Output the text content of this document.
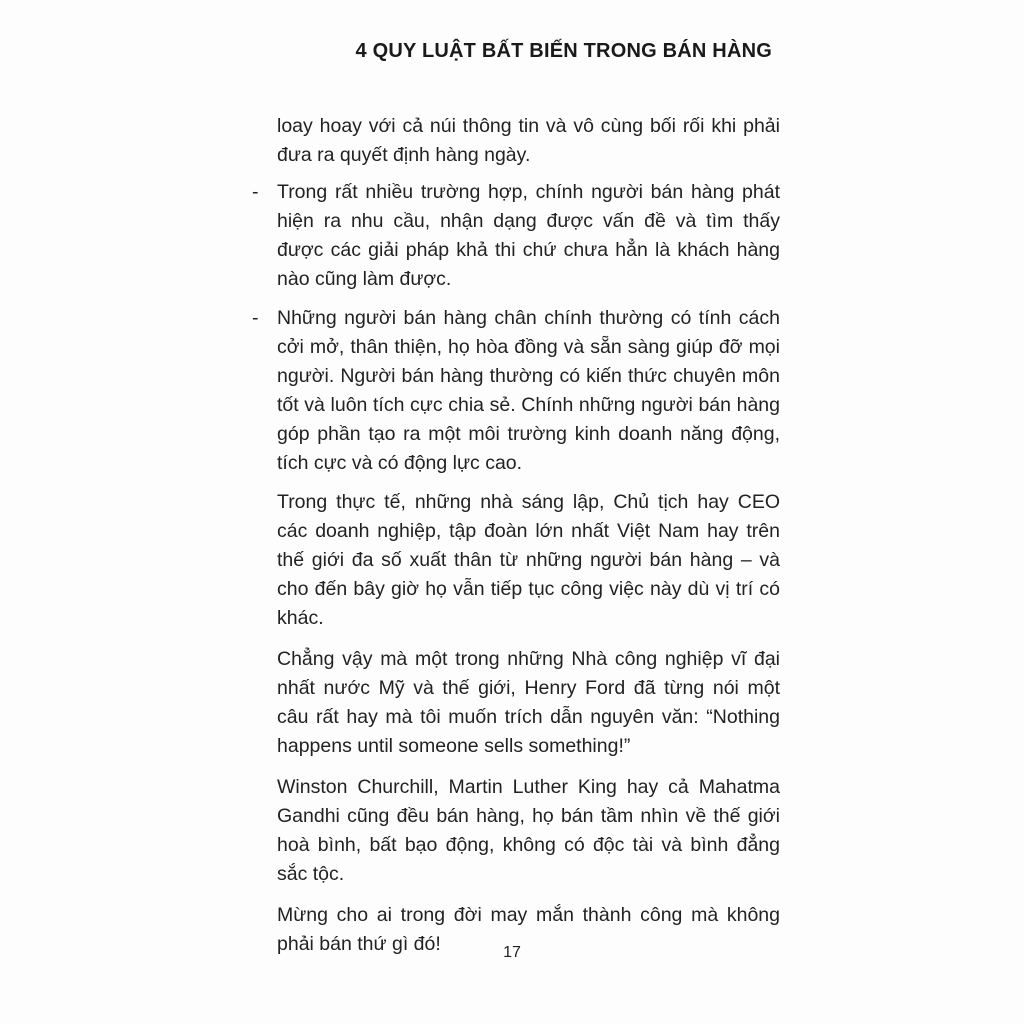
4 QUY LUẬT BẤT BIẾN TRONG BÁN HÀNG

loay hoay với cả núi thông tin và vô cùng bối rối khi phải đưa ra quyết định hàng ngày.

- Trong rất nhiều trường hợp, chính người bán hàng phát hiện ra nhu cầu, nhận dạng được vấn đề và tìm thấy được các giải pháp khả thi chứ chưa hẳn là khách hàng nào cũng làm được.
- Những người bán hàng chân chính thường có tính cách cởi mở, thân thiện, họ hòa đồng và sẵn sàng giúp đỡ mọi người. Người bán hàng thường có kiến thức chuyên môn tốt và luôn tích cực chia sẻ. Chính những người bán hàng góp phần tạo ra một môi trường kinh doanh năng động, tích cực và có động lực cao.

Trong thực tế, những nhà sáng lập, Chủ tịch hay CEO các doanh nghiệp, tập đoàn lớn nhất Việt Nam hay trên thế giới đa số xuất thân từ những người bán hàng – và cho đến bây giờ họ vẫn tiếp tục công việc này dù vị trí có khác.

Chẳng vậy mà một trong những Nhà công nghiệp vĩ đại nhất nước Mỹ và thế giới, Henry Ford đã từng nói một câu rất hay mà tôi muốn trích dẫn nguyên văn: “Nothing happens until someone sells something!”

Winston Churchill, Martin Luther King hay cả Mahatma Gandhi cũng đều bán hàng, họ bán tầm nhìn về thế giới hoà bình, bất bạo động, không có độc tài và bình đẳng sắc tộc.

Mừng cho ai trong đời may mắn thành công mà không phải bán thứ gì đó!	17
